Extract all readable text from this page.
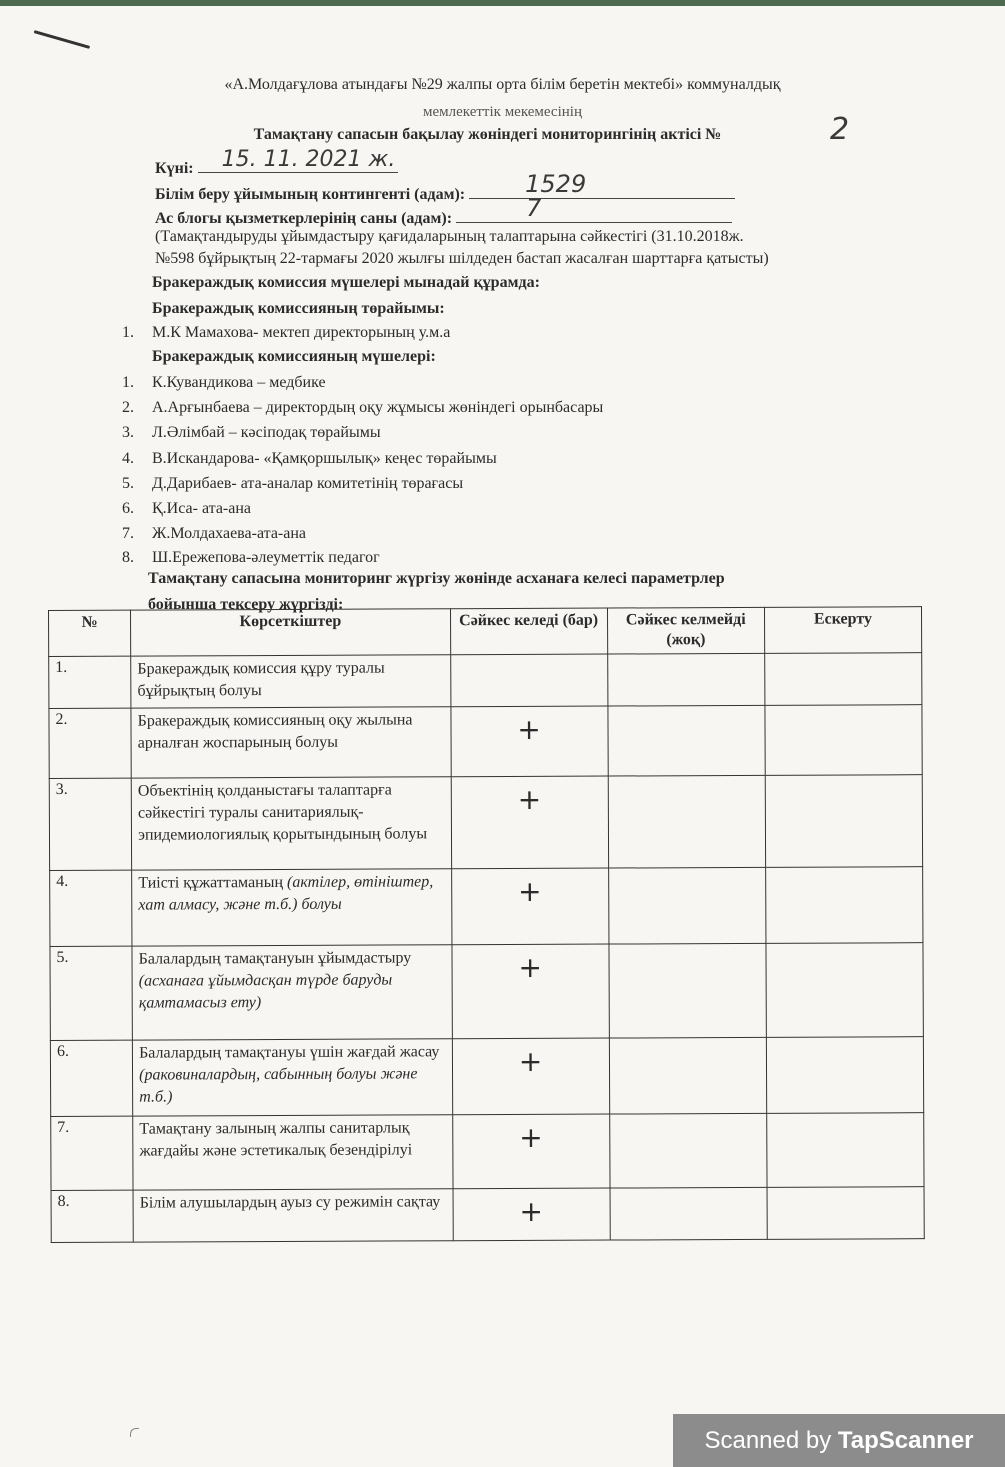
«А.Молдағұлова атындағы №29 жалпы орта білім беретін мектебі» коммуналдық
мемлекеттік мекемесінің
Тамақтану сапасын бақылау жөніндегі мониторингінің актісі №	2
Күні: 15. 11. 2021 ж.
Білім беру ұйымының контингенті (адам):	1529
Ас блогы қызметкерлерінің саны (адам):	7
(Тамақтандыруды ұйымдастыру қағидаларының талаптарына сәйкестігі (31.10.2018ж.
№598 бұйрықтың 22-тармағы 2020 жылғы шілдеден бастап жасалған шарттарға қатысты)
Бракераждық комиссия мүшелері мынадай құрамда:
Бракераждық комиссияның төрайымы:
1. М.К Мамахова- мектеп директорының у.м.а
Бракераждық комиссияның мүшелері:
1. К.Кувандикова – медбике
2. А.Арғынбаева – директордың оқу жұмысы жөніндегі орынбасары
3. Л.Әлімбай – кәсіподақ төрайымы
4. В.Искандарова- «Қамқоршылық» кеңес төрайымы
5. Д.Дарибаев- ата-аналар комитетінің төрағасы
6. Қ.Иса- ата-ана
7. Ж.Молдахаева-ата-ана
8. Ш.Ережепова-әлеуметтік педагог
Тамақтану сапасына мониторинг жүргізу жөнінде асханаға келесі параметрлер
бойынша тексеру жүргізді:
№	Көрсеткіштер	Сәйкес келеді (бар)	Сәйкес келмейді (жоқ)	Ескерту
1.	Бракераждық комиссия құру туралы бұйрықтың болуы			
2.	Бракераждық комиссияның оқу жылына арналған жоспарының болуы	+		
3.	Объектінің қолданыстағы талаптарға сәйкестігі туралы санитариялық-эпидемиологиялық қорытындының болуы	+		
4.	Тиісті құжаттаманың (актілер, өтініштер, хат алмасу, және т.б.) болуы	+		
5.	Балалардың тамақтануын ұйымдастыру (асханаға ұйымдасқан түрде баруды қамтамасыз ету)	+		
6.	Балалардың тамақтануы үшін жағдай жасау (раковиналардың, сабынның болуы және т.б.)	+		
7.	Тамақтану залының жалпы санитарлық жағдайы және эстетикалық безендірілуі	+		
8.	Білім алушылардың ауыз су режимін сақтау	+		
Scanned by TapScanner
